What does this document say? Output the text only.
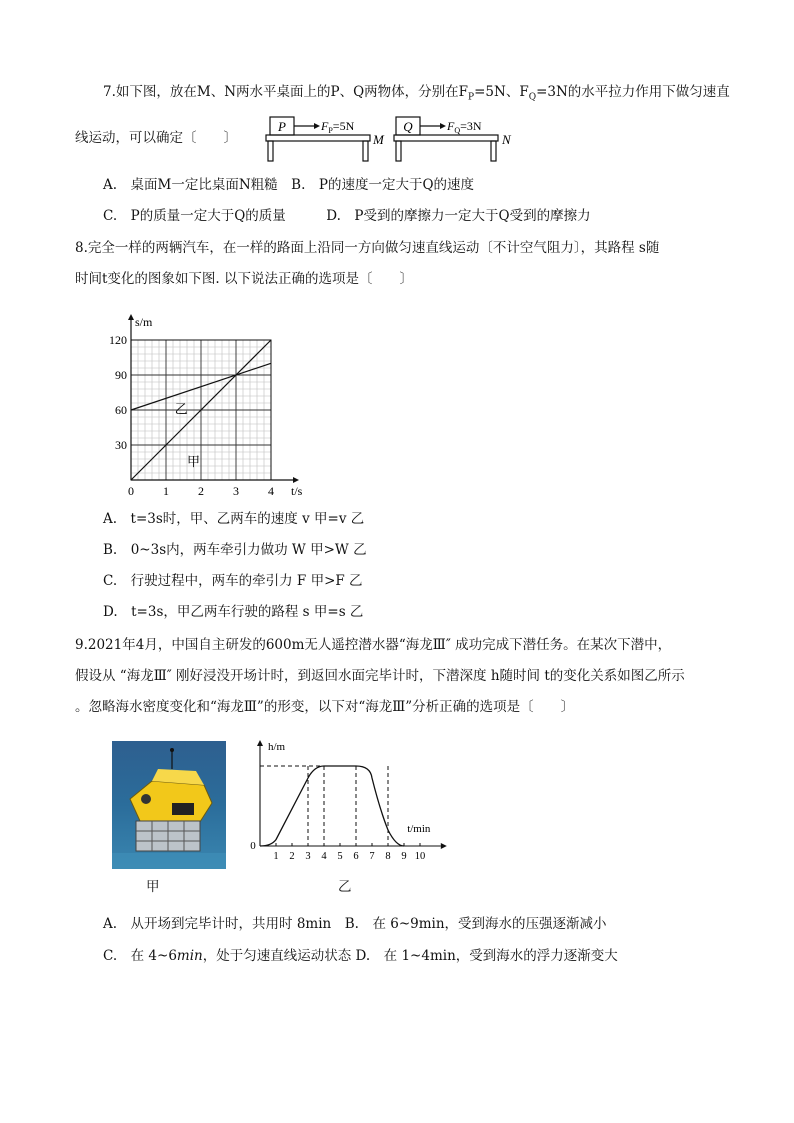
7.如下图，放在M、N两水平桌面上的P、Q两物体，分别在$F_P=5N$、$F_Q=3N$的水平拉力作用下做匀速直
线运动，可以确定〔　　〕
P	$F_P=5N$
M
Q	$F_Q=3N$
N
A.　桌面M一定比桌面N粗糙　B.　P的速度一定大于Q的速度
C.　P的质量一定大于Q的质量　　　D.　P受到的摩擦力一定大于Q受到的摩擦力
8.完全一样的两辆汽车，在一样的路面上沿同一方向做匀速直线运动〔不计空气阻力〕，其路程 s随
时间t变化的图象如下图. 以下说法正确的选项是〔　　〕
0 1 2 3 4
30
60
90
120
t/s
s/m
乙
甲
A.　t=3s时，甲、乙两车的速度 v 甲=v 乙
B.　0~3s内，两车牵引力做功 W 甲>W 乙
C.　行驶过程中，两车的牵引力 F 甲>F 乙
D.　t=3s，甲乙两车行驶的路程 s 甲=s 乙
9.2021年4月，中国自主研发的600m无人遥控潜水器“海龙Ⅲ″ 成功完成下潜任务。在某次下潜中，
假设从 “海龙Ⅲ″ 刚好浸没开场计时，到返回水面完毕计时，下潜深度 h随时间 t的变化关系如图乙所示
。忽略海水密度变化和“海龙Ⅲ”的形变，以下对“海龙Ⅲ”分析正确的选项是〔　　〕
甲
h/m
t/min
0
1 2 3 4 5 6 7 8 9 10
乙
A.　从开场到完毕计时，共用时 8min　B.　在 6~9min，受到海水的压强逐渐减小
C.　在 4~6min，处于匀速直线运动状态 D.　在 1~4min，受到海水的浮力逐渐变大
